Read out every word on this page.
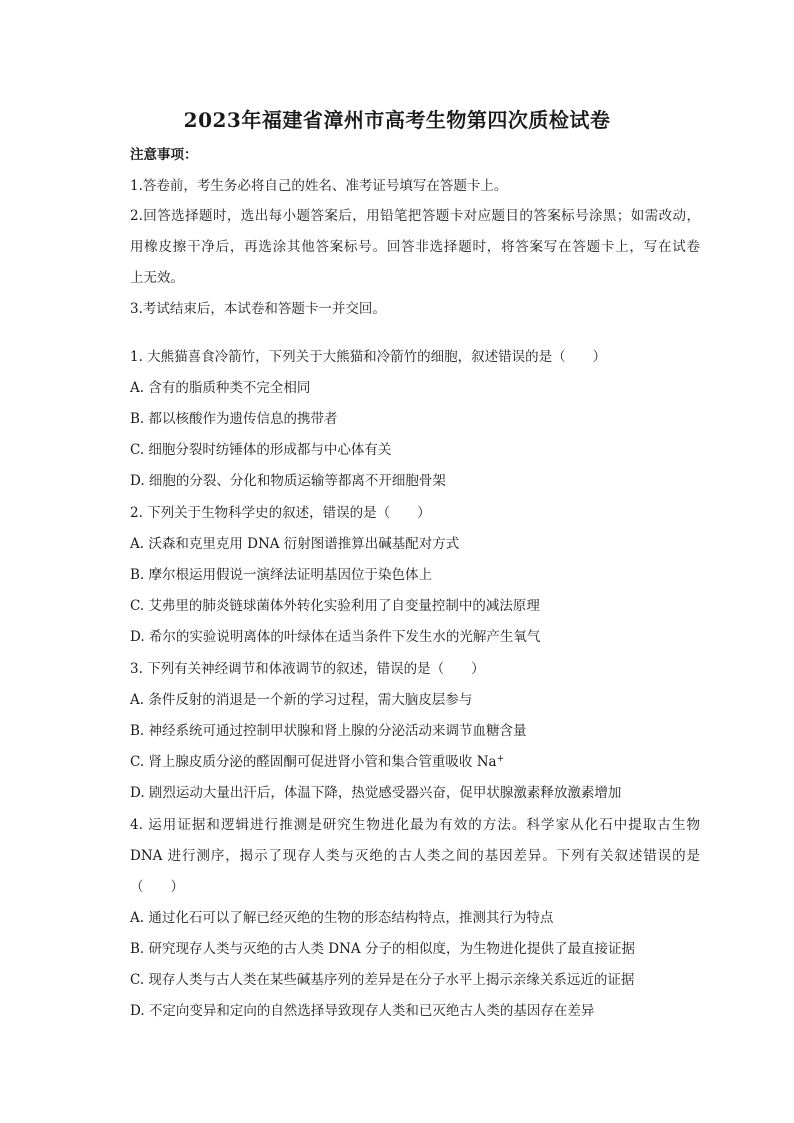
2023年福建省漳州市高考生物第四次质检试卷
注意事项：
1.答卷前，考生务必将自己的姓名、准考证号填写在答题卡上。
2.回答选择题时，选出每小题答案后，用铅笔把答题卡对应题目的答案标号涂黑；如需改动，
用橡皮擦干净后，再选涂其他答案标号。回答非选择题时，将答案写在答题卡上，写在试卷
上无效。
3.考试结束后，本试卷和答题卡一并交回。
1. 大熊猫喜食冷箭竹，下列关于大熊猫和冷箭竹的细胞，叙述错误的是（　　）
A. 含有的脂质种类不完全相同
B. 都以核酸作为遗传信息的携带者
C. 细胞分裂时纺锤体的形成都与中心体有关
D. 细胞的分裂、分化和物质运输等都离不开细胞骨架
2. 下列关于生物科学史的叙述，错误的是（　　）
A. 沃森和克里克用 DNA 衍射图谱推算出碱基配对方式
B. 摩尔根运用假说一演绎法证明基因位于染色体上
C. 艾弗里的肺炎链球菌体外转化实验利用了自变量控制中的减法原理
D. 希尔的实验说明离体的叶绿体在适当条件下发生水的光解产生氧气
3. 下列有关神经调节和体液调节的叙述，错误的是（　　）
A. 条件反射的消退是一个新的学习过程，需大脑皮层参与
B. 神经系统可通过控制甲状腺和肾上腺的分泌活动来调节血糖含量
C. 肾上腺皮质分泌的醛固酮可促进肾小管和集合管重吸收 Na+
D. 剧烈运动大量出汗后，体温下降，热觉感受器兴奋，促甲状腺激素释放激素增加
4. 运用证据和逻辑进行推测是研究生物进化最为有效的方法。科学家从化石中提取古生物
DNA 进行测序，揭示了现存人类与灭绝的古人类之间的基因差异。下列有关叙述错误的是
（　　）
A. 通过化石可以了解已经灭绝的生物的形态结构特点，推测其行为特点
B. 研究现存人类与灭绝的古人类 DNA 分子的相似度，为生物进化提供了最直接证据
C. 现存人类与古人类在某些碱基序列的差异是在分子水平上揭示亲缘关系远近的证据
D. 不定向变异和定向的自然选择导致现存人类和已灭绝古人类的基因存在差异
